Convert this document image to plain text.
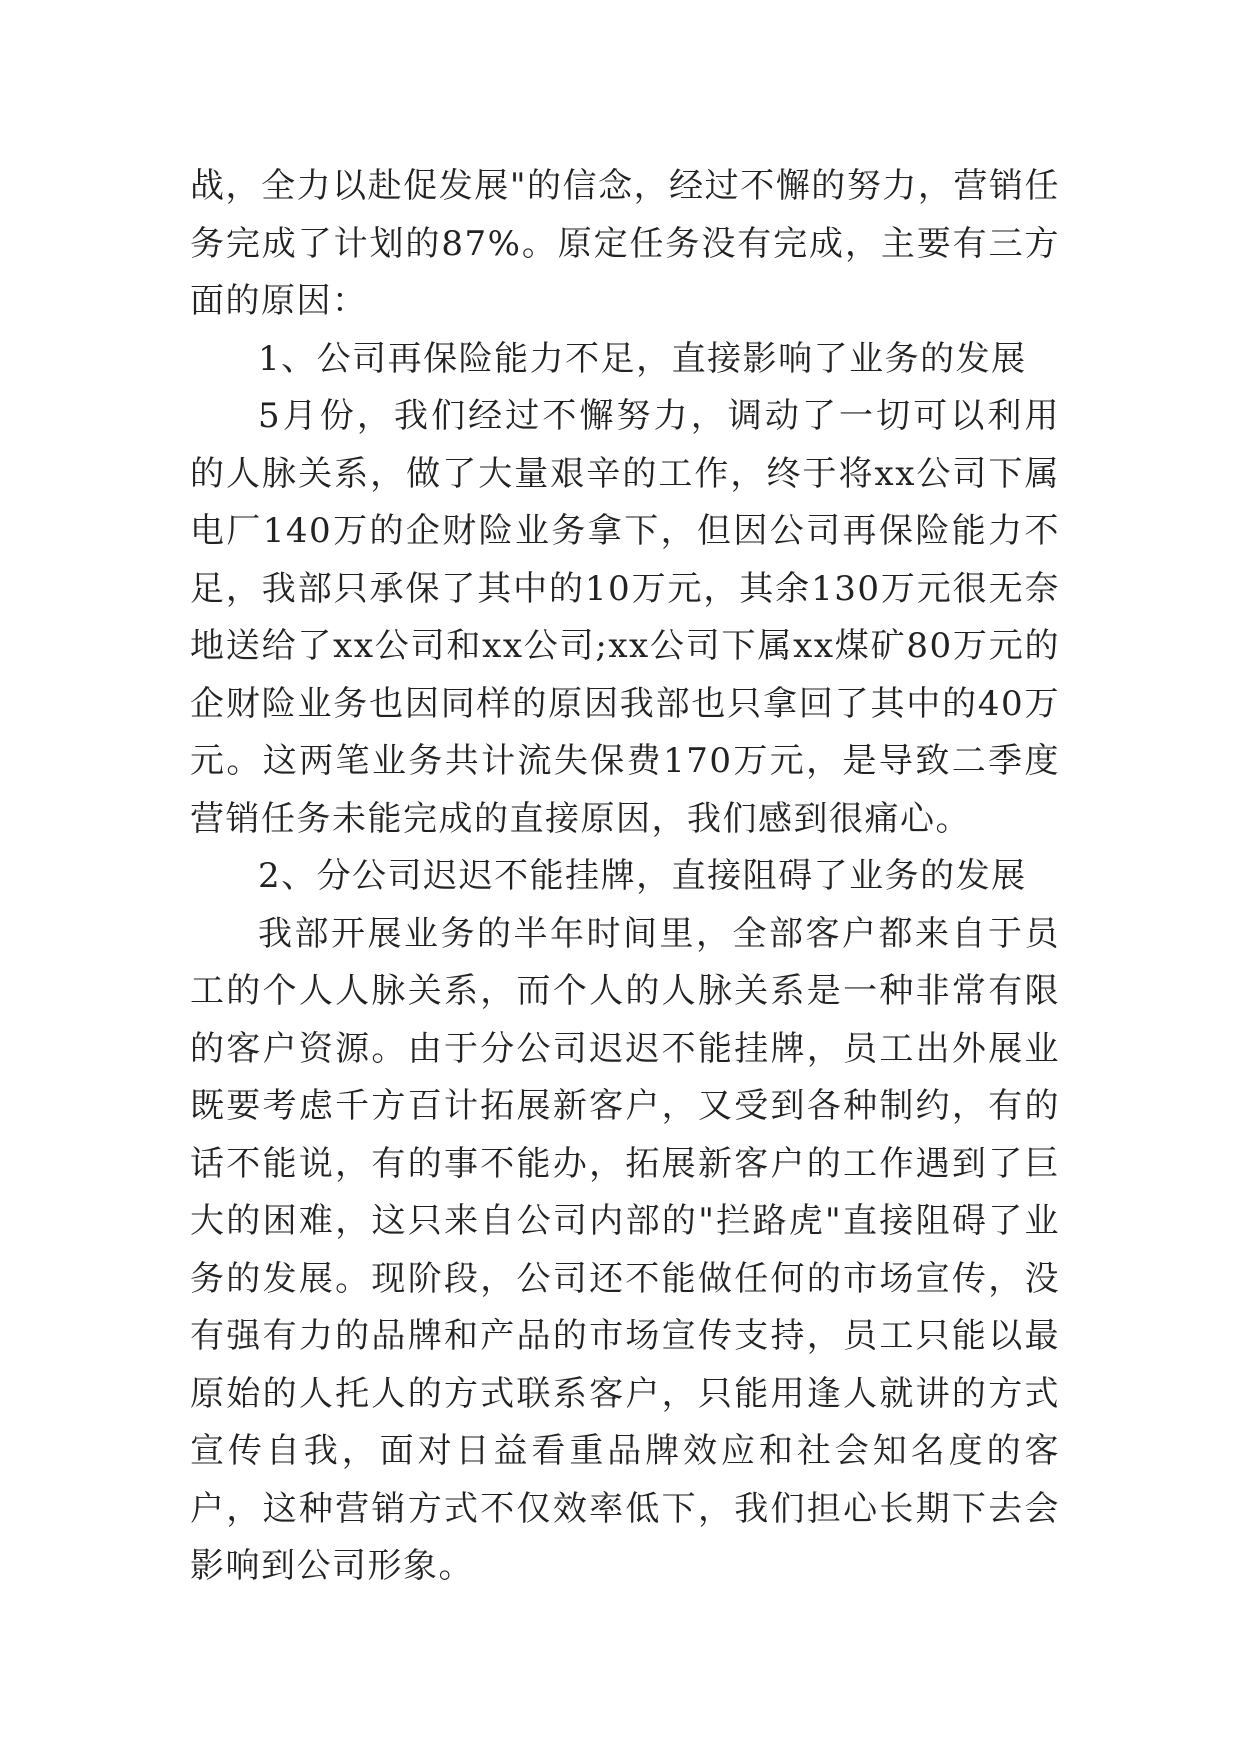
战，全力以赴促发展"的信念，经过不懈的努力，营销任务完成了计划的87%。原定任务没有完成，主要有三方面的原因：

1、公司再保险能力不足，直接影响了业务的发展

5月份，我们经过不懈努力，调动了一切可以利用的人脉关系，做了大量艰辛的工作，终于将xx公司下属电厂140万的企财险业务拿下，但因公司再保险能力不足，我部只承保了其中的10万元，其余130万元很无奈地送给了xx公司和xx公司;xx公司下属xx煤矿80万元的企财险业务也因同样的原因我部也只拿回了其中的40万元。这两笔业务共计流失保费170万元，是导致二季度营销任务未能完成的直接原因，我们感到很痛心。

2、分公司迟迟不能挂牌，直接阻碍了业务的发展

我部开展业务的半年时间里，全部客户都来自于员工的个人人脉关系，而个人的人脉关系是一种非常有限的客户资源。由于分公司迟迟不能挂牌，员工出外展业既要考虑千方百计拓展新客户，又受到各种制约，有的话不能说，有的事不能办，拓展新客户的工作遇到了巨大的困难，这只来自公司内部的"拦路虎"直接阻碍了业务的发展。现阶段，公司还不能做任何的市场宣传，没有强有力的品牌和产品的市场宣传支持，员工只能以最原始的人托人的方式联系客户，只能用逢人就讲的方式宣传自我，面对日益看重品牌效应和社会知名度的客户，这种营销方式不仅效率低下，我们担心长期下去会影响到公司形象。
